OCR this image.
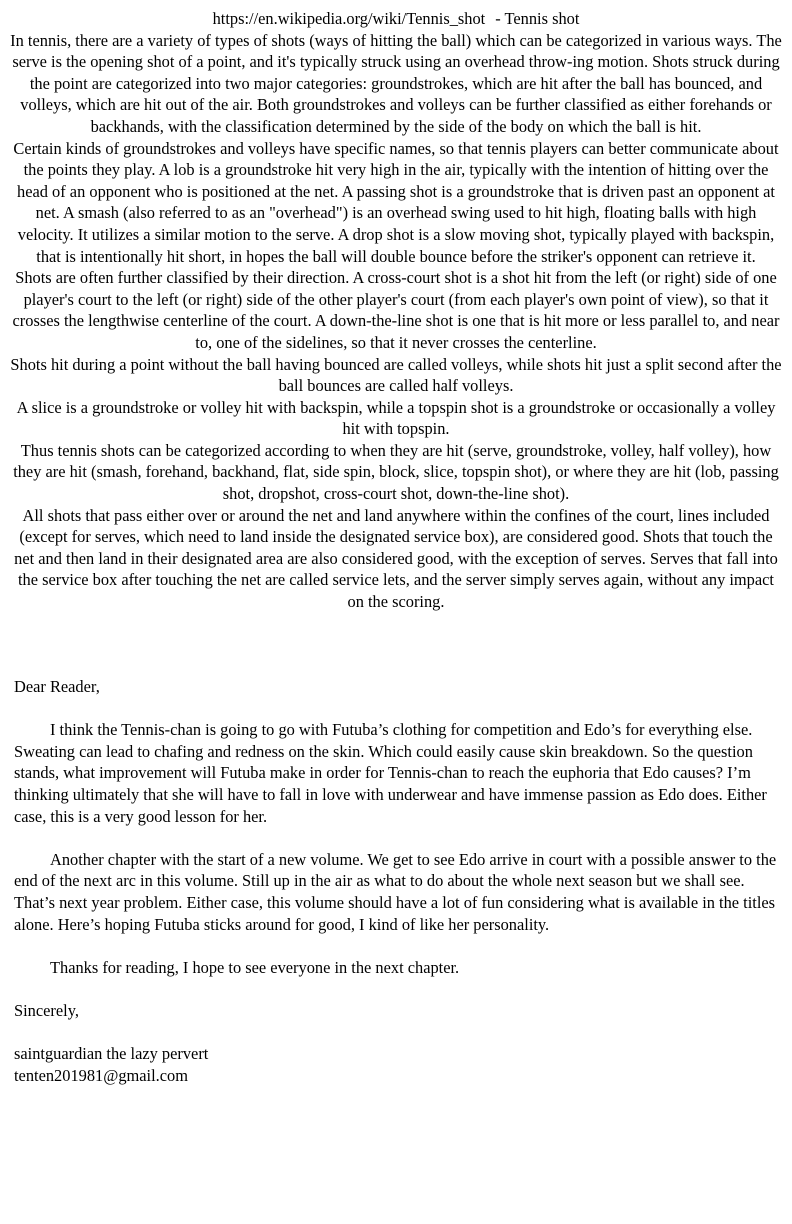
https://en.wikipedia.org/wiki/Tennis_shot - Tennis shot

In tennis, there are a variety of types of shots (ways of hitting the ball) which can be categorized in various ways. The serve is the opening shot of a point, and it's typically struck using an overhead throw-ing motion. Shots struck during the point are categorized into two major categories: groundstrokes, which are hit after the ball has bounced, and volleys, which are hit out of the air. Both groundstrokes and volleys can be further classified as either forehands or backhands, with the classification determined by the side of the body on which the ball is hit.

Certain kinds of groundstrokes and volleys have specific names, so that tennis players can better communicate about the points they play. A lob is a groundstroke hit very high in the air, typically with the intention of hitting over the head of an opponent who is positioned at the net. A passing shot is a groundstroke that is driven past an opponent at net. A smash (also referred to as an "overhead") is an overhead swing used to hit high, floating balls with high velocity. It utilizes a similar motion to the serve. A drop shot is a slow moving shot, typically played with backspin, that is intentionally hit short, in hopes the ball will double bounce before the striker's opponent can retrieve it.

Shots are often further classified by their direction. A cross-court shot is a shot hit from the left (or right) side of one player's court to the left (or right) side of the other player's court (from each player's own point of view), so that it crosses the lengthwise centerline of the court. A down-the-line shot is one that is hit more or less parallel to, and near to, one of the sidelines, so that it never crosses the centerline.

Shots hit during a point without the ball having bounced are called volleys, while shots hit just a split second after the ball bounces are called half volleys.

A slice is a groundstroke or volley hit with backspin, while a topspin shot is a groundstroke or occasionally a volley hit with topspin.

Thus tennis shots can be categorized according to when they are hit (serve, groundstroke, volley, half volley), how they are hit (smash, forehand, backhand, flat, side spin, block, slice, topspin shot), or where they are hit (lob, passing shot, dropshot, cross-court shot, down-the-line shot).

All shots that pass either over or around the net and land anywhere within the confines of the court, lines included (except for serves, which need to land inside the designated service box), are considered good. Shots that touch the net and then land in their designated area are also considered good, with the exception of serves. Serves that fall into the service box after touching the net are called service lets, and the server simply serves again, without any impact on the scoring.

Dear Reader,

I think the Tennis-chan is going to go with Futuba’s clothing for competition and Edo’s for everything else. Sweating can lead to chafing and redness on the skin. Which could easily cause skin breakdown. So the question stands, what improvement will Futuba make in order for Tennis-chan to reach the euphoria that Edo causes? I’m thinking ultimately that she will have to fall in love with underwear and have immense passion as Edo does. Either case, this is a very good lesson for her.

Another chapter with the start of a new volume. We get to see Edo arrive in court with a possible answer to the end of the next arc in this volume. Still up in the air as what to do about the whole next season but we shall see. That’s next year problem. Either case, this volume should have a lot of fun considering what is available in the titles alone. Here’s hoping Futuba sticks around for good, I kind of like her personality.

Thanks for reading, I hope to see everyone in the next chapter.

Sincerely,

saintguardian the lazy pervert

tenten201981@gmail.com
